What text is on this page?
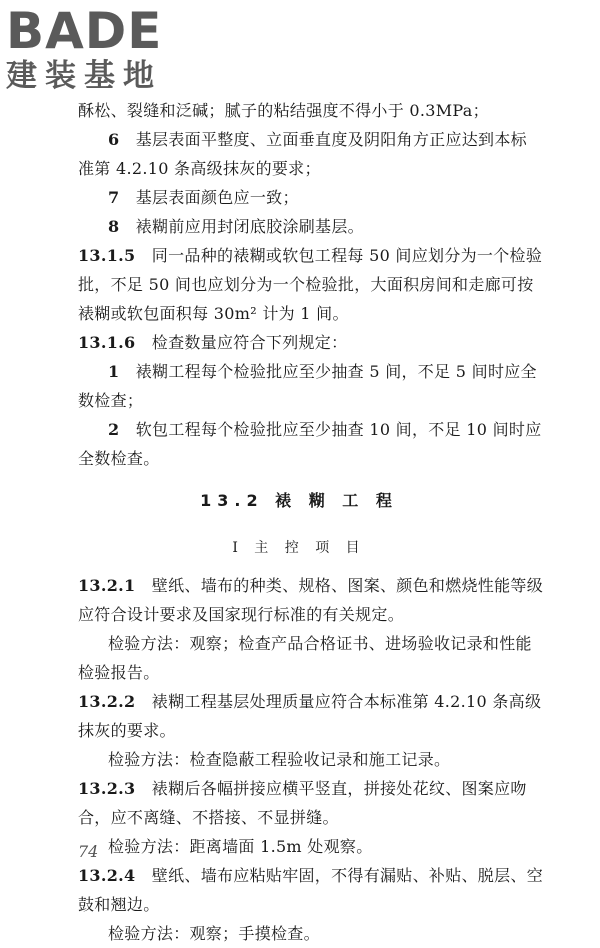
BADE
建装基地
酥松、裂缝和泛碱；腻子的粘结强度不得小于 0.3MPa；
6  基层表面平整度、立面垂直度及阴阳角方正应达到本标
准第 4.2.10 条高级抹灰的要求；
7  基层表面颜色应一致；
8  裱糊前应用封闭底胶涂刷基层。
13.1.5  同一品种的裱糊或软包工程每 50 间应划分为一个检验
批，不足 50 间也应划分为一个检验批，大面积房间和走廊可按
裱糊或软包面积每 30m² 计为 1 间。
13.1.6  检查数量应符合下列规定：
1  裱糊工程每个检验批应至少抽查 5 间，不足 5 间时应全
数检查；
2  软包工程每个检验批应至少抽查 10 间，不足 10 间时应
全数检查。
13.2 裱 糊 工 程
Ⅰ 主 控 项 目
13.2.1  壁纸、墙布的种类、规格、图案、颜色和燃烧性能等级
应符合设计要求及国家现行标准的有关规定。
检验方法：观察；检查产品合格证书、进场验收记录和性能
检验报告。
13.2.2  裱糊工程基层处理质量应符合本标准第 4.2.10 条高级
抹灰的要求。
检验方法：检查隐蔽工程验收记录和施工记录。
13.2.3  裱糊后各幅拼接应横平竖直，拼接处花纹、图案应吻
合，应不离缝、不搭接、不显拼缝。
检验方法：距离墙面 1.5m 处观察。
13.2.4  壁纸、墙布应粘贴牢固，不得有漏贴、补贴、脱层、空
鼓和翘边。
检验方法：观察；手摸检查。
74
